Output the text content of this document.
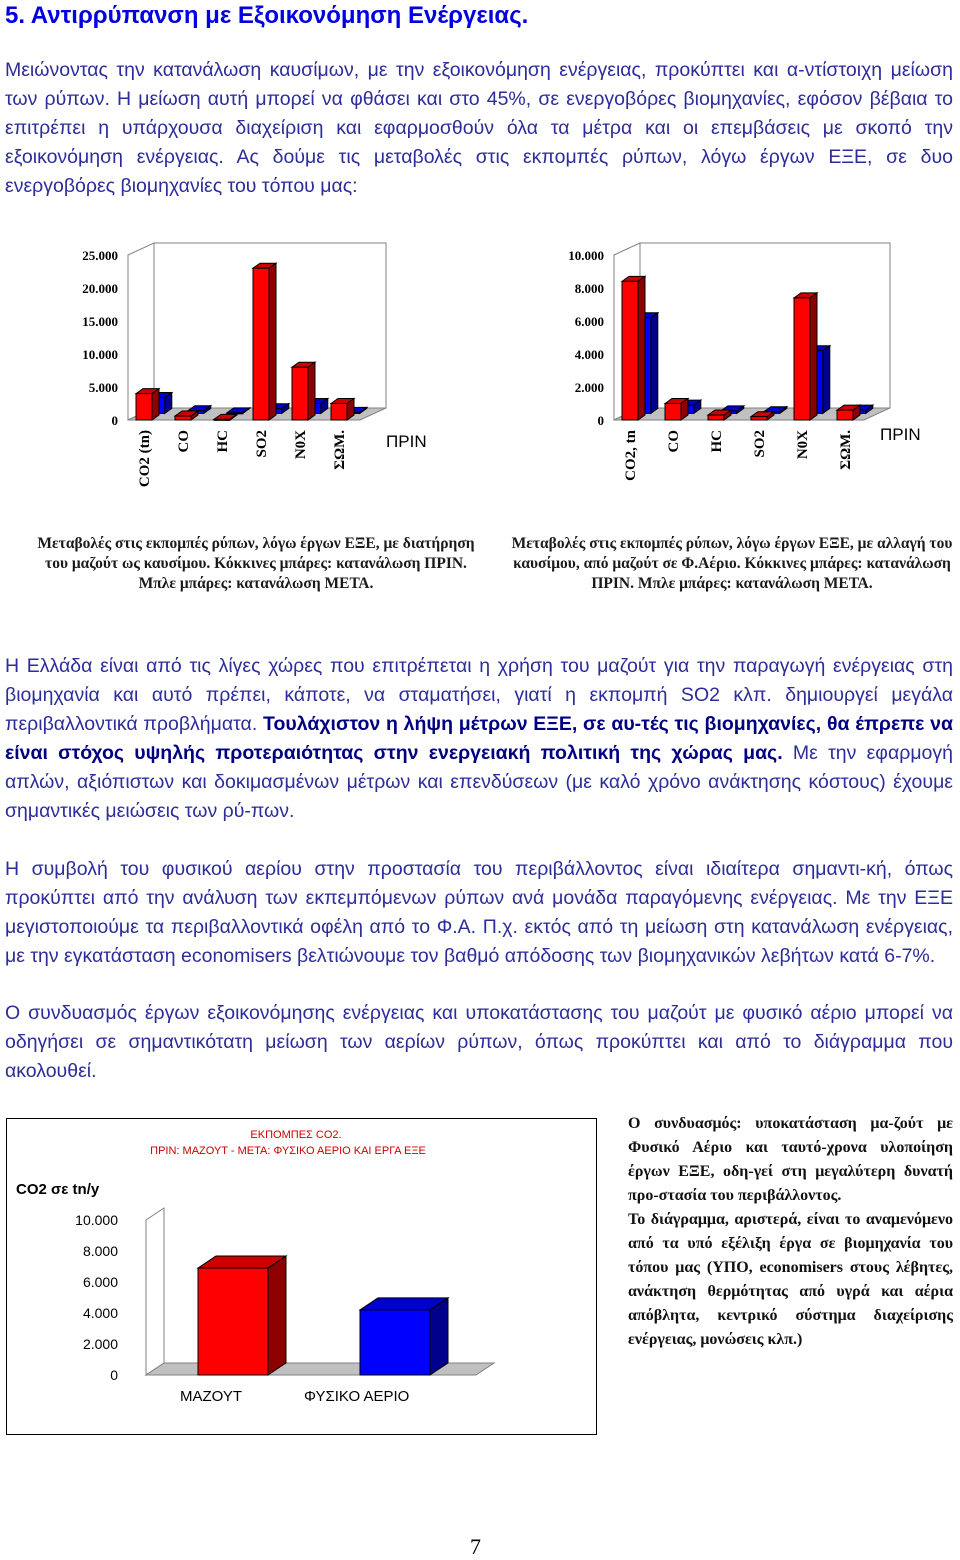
5. Αντιρρύπανση με Εξοικονόμηση Ενέργειας.

Μειώνοντας την κατανάλωση καυσίμων, με την εξοικονόμηση ενέργειας, προκύπτει και α-ντίστοιχη μείωση των ρύπων. Η μείωση αυτή μπορεί να φθάσει και στο 45%, σε ενεργοβόρες βιομηχανίες, εφόσον βέβαια το επιτρέπει η υπάρχουσα διαχείριση και εφαρμοσθούν όλα τα μέτρα και οι επεμβάσεις με σκοπό την εξοικονόμηση ενέργειας. Ας δούμε τις μεταβολές στις εκπομπές ρύπων, λόγω έργων ΕΞΕ, σε δυο ενεργοβόρες βιομηχανίες του τόπου μας:

25.000
20.000
15.000
10.000
5.000
0
CO2 (tn) CO HC SO2 N0X ΣΩΜ. ΠΡΙΝ

Μεταβολές στις εκπομπές ρύπων, λόγω έργων ΕΞΕ, με διατήρηση του μαζούτ ως καυσίμου. Κόκκινες μπάρες: κατανάλωση ΠΡΙΝ. Μπλε μπάρες: κατανάλωση ΜΕΤΑ.

10.000
8.000
6.000
4.000
2.000
0
CO2, tn CO HC SO2 N0X ΣΩΜ. ΠΡΙΝ

Μεταβολές στις εκπομπές ρύπων, λόγω έργων ΕΞΕ, με αλλαγή του καυσίμου, από μαζούτ σε Φ.Αέριο. Κόκκινες μπάρες: κατανάλωση ΠΡΙΝ. Μπλε μπάρες: κατανάλωση ΜΕΤΑ.

Η Ελλάδα είναι από τις λίγες χώρες που επιτρέπεται η χρήση του μαζούτ για την παραγωγή ενέργειας στη βιομηχανία και αυτό πρέπει, κάποτε, να σταματήσει, γιατί η εκπομπή SO2 κλπ. δημιουργεί μεγάλα περιβαλλοντικά προβλήματα. Τουλάχιστον η λήψη μέτρων ΕΞΕ, σε αυ-τές τις βιομηχανίες, θα έπρεπε να είναι στόχος υψηλής προτεραιότητας στην ενεργειακή πολιτική της χώρας μας. Με την εφαρμογή απλών, αξιόπιστων και δοκιμασμένων μέτρων και επενδύσεων (με καλό χρόνο ανάκτησης κόστους) έχουμε σημαντικές μειώσεις των ρύ-πων.

Η συμβολή του φυσικού αερίου στην προστασία του περιβάλλοντος είναι ιδιαίτερα σημαντι-κή, όπως προκύπτει από την ανάλυση των εκπεμπόμενων ρύπων ανά μονάδα παραγόμενης ενέργειας. Με την ΕΞΕ μεγιστοποιούμε τα περιβαλλοντικά οφέλη από το Φ.Α. Π.χ. εκτός από τη μείωση στη κατανάλωση ενέργειας, με την εγκατάσταση economisers βελτιώνουμε τον βαθμό απόδοσης των βιομηχανικών λεβήτων κατά 6-7%.

Ο συνδυασμός έργων εξοικονόμησης ενέργειας και υποκατάστασης του μαζούτ με φυσικό αέριο μπορεί να οδηγήσει σε σημαντικότατη μείωση των αερίων ρύπων, όπως προκύπτει και από το διάγραμμα που ακολουθεί.

ΕΚΠΟΜΠΕΣ CO2.
ΠΡΙΝ: ΜΑΖΟΥΤ - ΜΕΤΑ: ΦΥΣΙΚΟ ΑΕΡΙΟ ΚΑΙ ΕΡΓΑ ΕΞΕ
CO2 σε tn/y
10.000
8.000
6.000
4.000
2.000
0
ΜΑΖΟΥΤ	ΦΥΣΙΚΟ ΑΕΡΙΟ
Ο συνδυασμός: υποκατάσταση μα-ζούτ με Φυσικό Αέριο και ταυτό-χρονα υλοποίηση έργων ΕΞΕ, οδη-γεί στη μεγαλύτερη δυνατή προ-στασία του περιβάλλοντος.
Το διάγραμμα, αριστερά, είναι το αναμενόμενο από τα υπό εξέλιξη έργα σε βιομηχανία του τόπου μας (ΥΠΟ, economisers στους λέβητες, ανάκτηση θερμότητας από υγρά και αέρια απόβλητα, κεντρικό σύστημα διαχείρισης ενέργειας, μονώσεις κλπ.)
7
